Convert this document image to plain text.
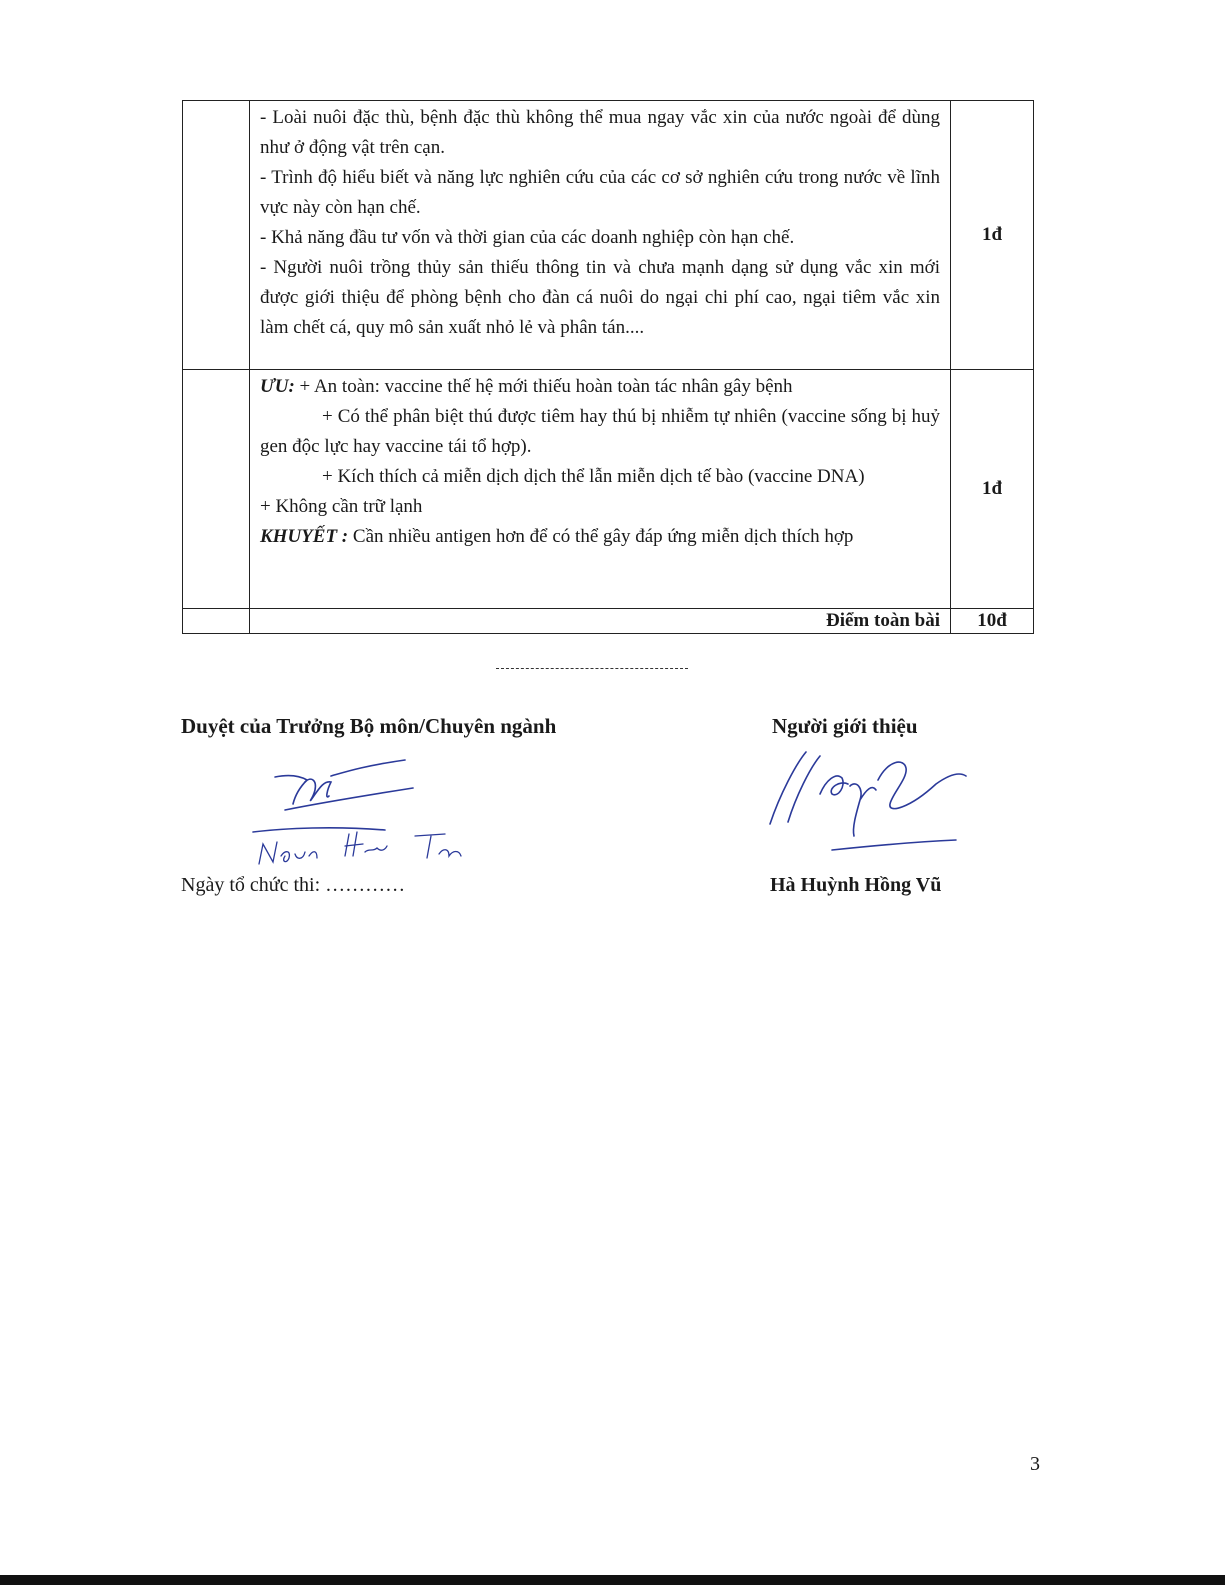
	- Loài nuôi đặc thù, bệnh đặc thù không thể mua ngay vắc xin của nước ngoài để dùng như ở động vật trên cạn.
- Trình độ hiểu biết và năng lực nghiên cứu của các cơ sở nghiên cứu trong nước về lĩnh vực này còn hạn chế.
- Khả năng đầu tư vốn và thời gian của các doanh nghiệp còn hạn chế.
- Người nuôi trồng thủy sản thiếu thông tin và chưa mạnh dạng sử dụng vắc xin mới được giới thiệu để phòng bệnh cho đàn cá nuôi do ngại chi phí cao, ngại tiêm vắc xin làm chết cá, quy mô sản xuất nhỏ lẻ và phân tán....	1đ

	ƯU: + An toàn: vaccine thế hệ mới thiếu hoàn toàn tác nhân gây bệnh
+ Có thể phân biệt thú được tiêm hay thú bị nhiễm tự nhiên (vaccine sống bị huỷ gen độc lực hay vaccine tái tổ hợp).
+ Kích thích cả miễn dịch dịch thể lẫn miễn dịch tế bào (vaccine DNA)
+ Không cần trữ lạnh
KHUYẾT : Cần nhiều antigen hơn để có thể gây đáp ứng miễn dịch thích hợp	1đ
	Điểm toàn bài	10đ
Duyệt của Trưởng Bộ môn/Chuyên ngành	Người giới thiệu
Ngày tổ chức thi: …………	Hà Huỳnh Hồng Vũ
3
